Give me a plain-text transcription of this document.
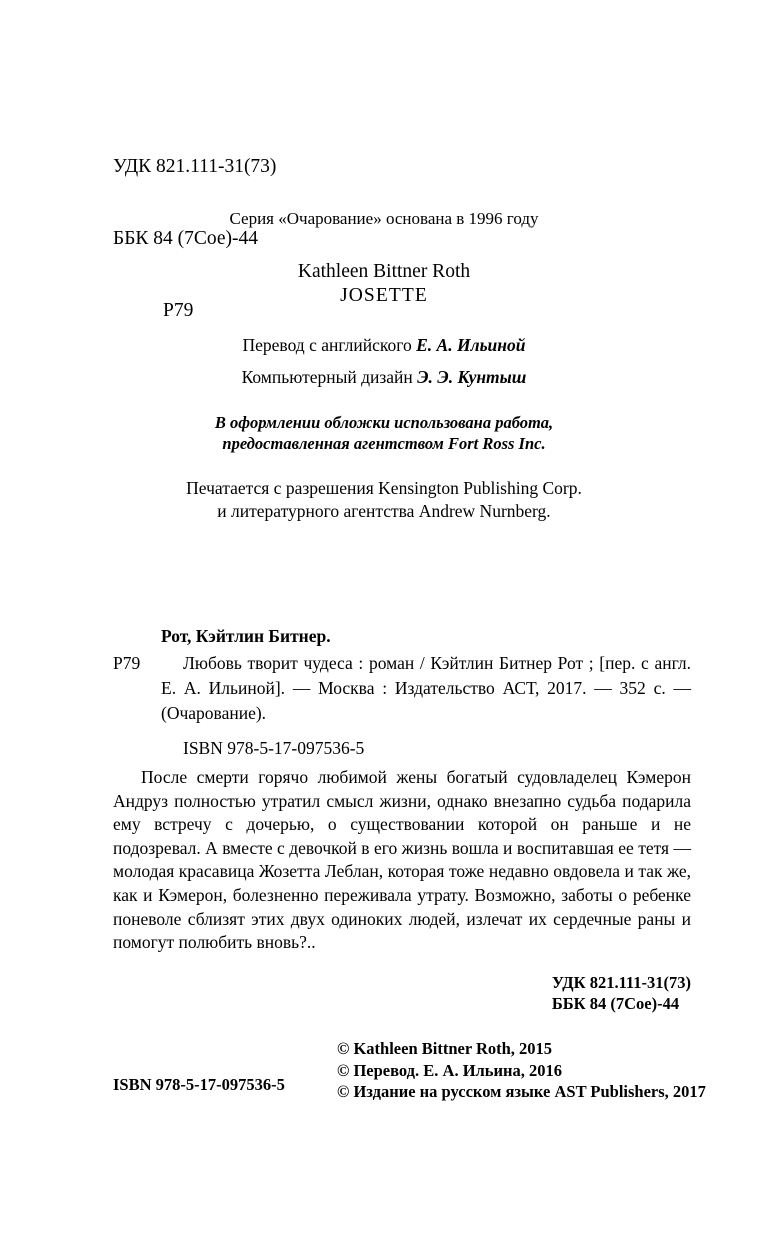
УДК 821.111-31(73)

ББК 84 (7Сое)-44

Р79

Серия «Очарование» основана в 1996 году
Kathleen Bittner Roth
JOSETTE
Перевод с английского Е. А. Ильиной
Компьютерный дизайн Э. Э. Кунтыш
В оформлении обложки использована работа,
предоставленная агентством Fort Ross Inc.
Печатается с разрешения Kensington Publishing Corp.
и литературного агентства Andrew Nurnberg.
Рот, Кэйтлин Битнер.
Р79	Любовь творит чудеса : роман / Кэйтлин Битнер Рот ; [пер. с англ. Е. А. Ильиной]. — Москва : Издательство АСТ, 2017. — 352 с. — (Очарование).
ISBN 978-5-17-097536-5
После смерти горячо любимой жены богатый судовладелец Кэмерон Андруз полностью утратил смысл жизни, однако внезапно судьба подарила ему встречу с дочерью, о существовании которой он раньше и не подозревал. А вместе с девочкой в его жизнь вошла и воспитавшая ее тетя — молодая красавица Жозетта Леблан, которая тоже недавно овдовела и так же, как и Кэмерон, болезненно переживала утрату. Возможно, заботы о ребенке поневоле сблизят этих двух одиноких людей, излечат их сердечные раны и помогут полюбить вновь?..
УДК 821.111-31(73)
ББК 84 (7Сое)-44
© Kathleen Bittner Roth, 2015
© Перевод. Е. А. Ильина, 2016
© Издание на русском языке AST Publishers, 2017
ISBN 978-5-17-097536-5
